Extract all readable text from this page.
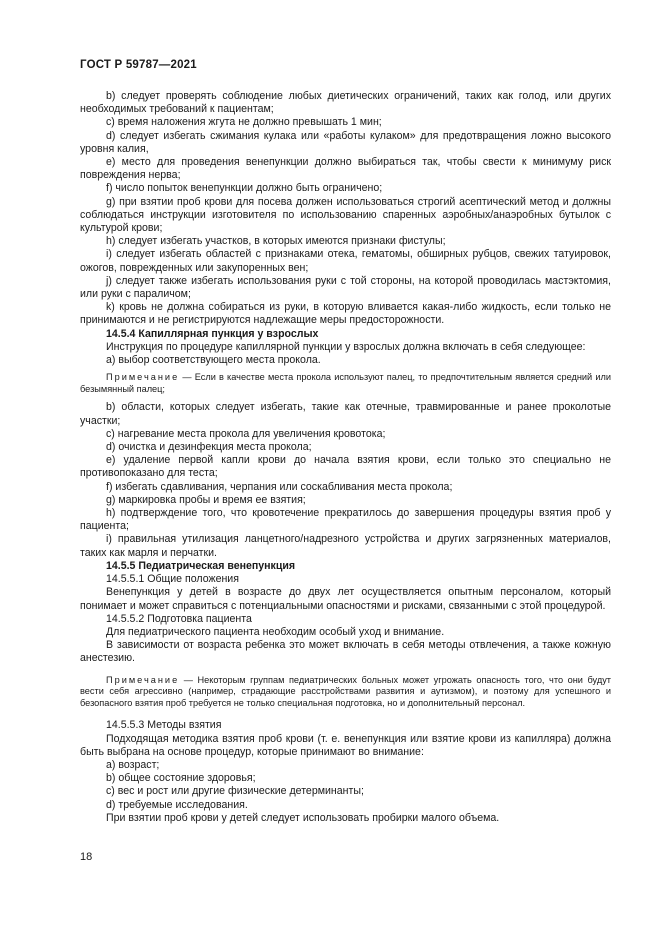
ГОСТ Р 59787—2021

b) следует проверять соблюдение любых диетических ограничений, таких как голод, или других необходимых требований к пациентам;

c) время наложения жгута не должно превышать 1 мин;

d) следует избегать сжимания кулака или «работы кулаком» для предотвращения ложно высокого уровня калия,

e) место для проведения венепункции должно выбираться так, чтобы свести к минимуму риск повреждения нерва;

f) число попыток венепункции должно быть ограничено;

g) при взятии проб крови для посева должен использоваться строгий асептический метод и должны соблюдаться инструкции изготовителя по использованию спаренных аэробных/анаэробных бутылок с культурой крови;

h) следует избегать участков, в которых имеются признаки фистулы;

i) следует избегать областей с признаками отека, гематомы, обширных рубцов, свежих татуировок, ожогов, поврежденных или закупоренных вен;

j) следует также избегать использования руки с той стороны, на которой проводилась мастэктомия, или руки с параличом;

k) кровь не должна собираться из руки, в которую вливается какая-либо жидкость, если только не принимаются и не регистрируются надлежащие меры предосторожности.

14.5.4 Капиллярная пункция у взрослых

Инструкция по процедуре капиллярной пункции у взрослых должна включать в себя следующее:

a) выбор соответствующего места прокола.

Примечание — Если в качестве места прокола используют палец, то предпочтительным является средний или безымянный палец;

b) области, которых следует избегать, такие как отечные, травмированные и ранее проколотые участки;

c) нагревание места прокола для увеличения кровотока;

d) очистка и дезинфекция места прокола;

e) удаление первой капли крови до начала взятия крови, если только это специально не противопоказано для теста;

f) избегать сдавливания, черпания или соскабливания места прокола;

g) маркировка пробы и время ее взятия;

h) подтверждение того, что кровотечение прекратилось до завершения процедуры взятия проб у пациента;

i) правильная утилизация ланцетного/надрезного устройства и других загрязненных материалов, таких как марля и перчатки.

14.5.5 Педиатрическая венепункция

14.5.5.1 Общие положения

Венепункция у детей в возрасте до двух лет осуществляется опытным персоналом, который понимает и может справиться с потенциальными опасностями и рисками, связанными с этой процедурой.

14.5.5.2 Подготовка пациента

Для педиатрического пациента необходим особый уход и внимание.

В зависимости от возраста ребенка это может включать в себя методы отвлечения, а также кожную анестезию.

Примечание — Некоторым группам педиатрических больных может угрожать опасность того, что они будут вести себя агрессивно (например, страдающие расстройствами развития и аутизмом), и поэтому для успешного и безопасного взятия проб требуется не только специальная подготовка, но и дополнительный персонал.

14.5.5.3 Методы взятия

Подходящая методика взятия проб крови (т. е. венепункция или взятие крови из капилляра) должна быть выбрана на основе процедур, которые принимают во внимание:

a) возраст;

b) общее состояние здоровья;

c) вес и рост или другие физические детерминанты;

d) требуемые исследования.

При взятии проб крови у детей следует использовать пробирки малого объема.

18
